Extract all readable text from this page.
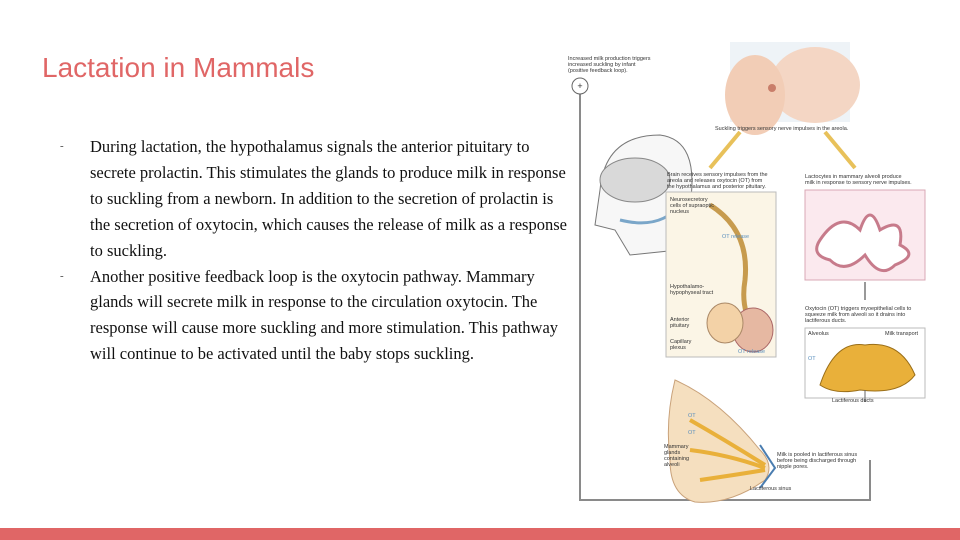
Lactation in Mammals
- During lactation, the hypothalamus signals the anterior pituitary to secrete prolactin. This stimulates the glands to produce milk in response to suckling from a newborn. In addition to the secretion of prolactin is the secretion of oxytocin, which causes the release of milk as a response to suckling.
- Another positive feedback loop is the oxytocin pathway. Mammary glands will secrete milk in response to the circulation oxytocin. The response will cause more suckling and more stimulation. This pathway will continue to be activated until the baby stops suckling.
+
Increased milk production triggers
increased suckling by infant
(positive feedback loop).
Suckling triggers sensory nerve impulses in the areola.
Brain receives sensory impulses from the
areola and releases oxytocin (OT) from
the hypothalamus and posterior pituitary.
Lactocytes in mammary alveoli produce
milk in response to sensory nerve impulses.
Neurosecretory
cells of supraoptic
nucleus
OT release
Hypothalamo-
hypophyseal tract
Anterior
pituitary
Capillary
plexus
OT release
Oxytocin (OT) triggers myoepithelial cells to
squeeze milk from alveoli so it drains into
lactiferous ducts.
Alveolus	Milk transport
OT
Lactiferous ducts
OT
OT
Mammary
glands
containing
alveoli
Milk is pooled in lactiferous sinus
before being discharged through
nipple pores.
Lactiferous sinus
